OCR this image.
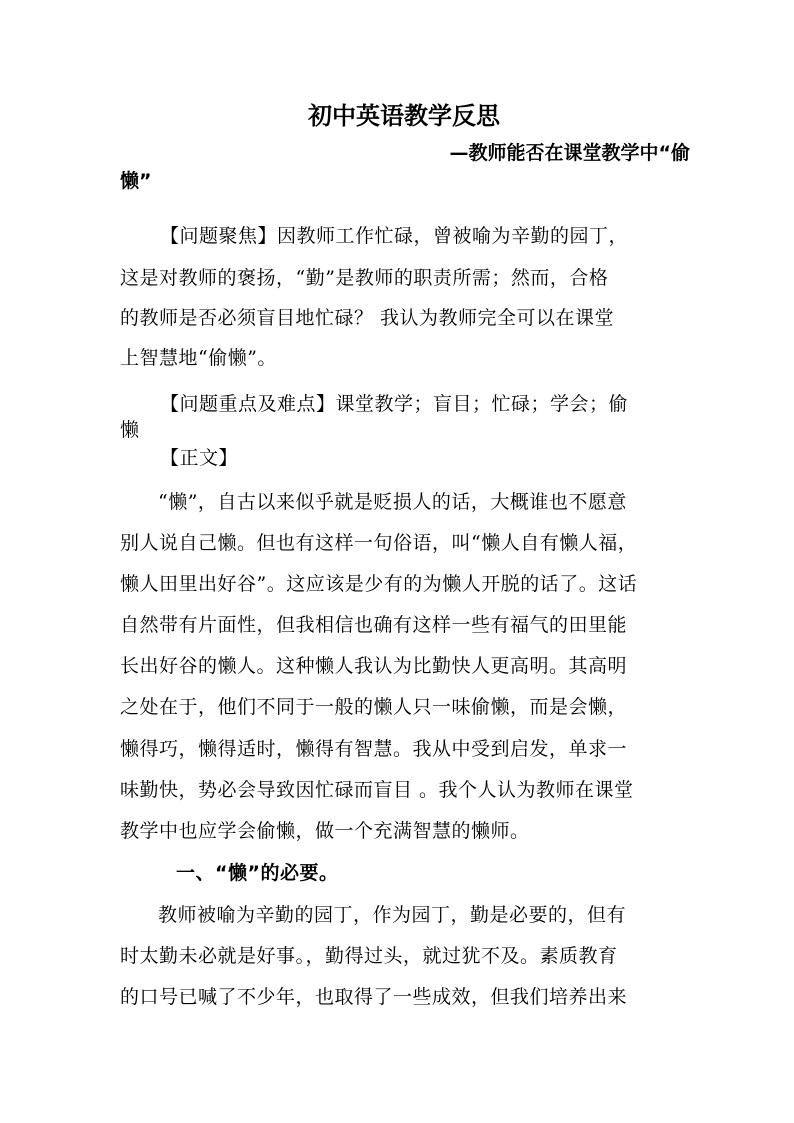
初中英语教学反思
—教师能否在课堂教学中“偷
懒”
【问题聚焦】因教师工作忙碌，曾被喻为辛勤的园丁，
这是对教师的褒扬，“勤”是教师的职责所需；然而，合格
的教师是否必须盲目地忙碌？ 我认为教师完全可以在课堂
上智慧地“偷懒”。
【问题重点及难点】课堂教学；盲目；忙碌；学会；偷
懒
【正文】
“懒”，自古以来似乎就是贬损人的话，大概谁也不愿意
别人说自己懒。但也有这样一句俗语，叫“懒人自有懒人福，
懒人田里出好谷”。这应该是少有的为懒人开脱的话了。这话
自然带有片面性，但我相信也确有这样一些有福气的田里能
长出好谷的懒人。这种懒人我认为比勤快人更高明。其高明
之处在于，他们不同于一般的懒人只一味偷懒，而是会懒，
懒得巧，懒得适时，懒得有智慧。我从中受到启发，单求一
味勤快，势必会导致因忙碌而盲目 。我个人认为教师在课堂
教学中也应学会偷懒，做一个充满智慧的懒师。
一、“懒”的必要。
教师被喻为辛勤的园丁，作为园丁，勤是必要的，但有
时太勤未必就是好事。，勤得过头，就过犹不及。素质教育
的口号已喊了不少年，也取得了一些成效，但我们培养出来
